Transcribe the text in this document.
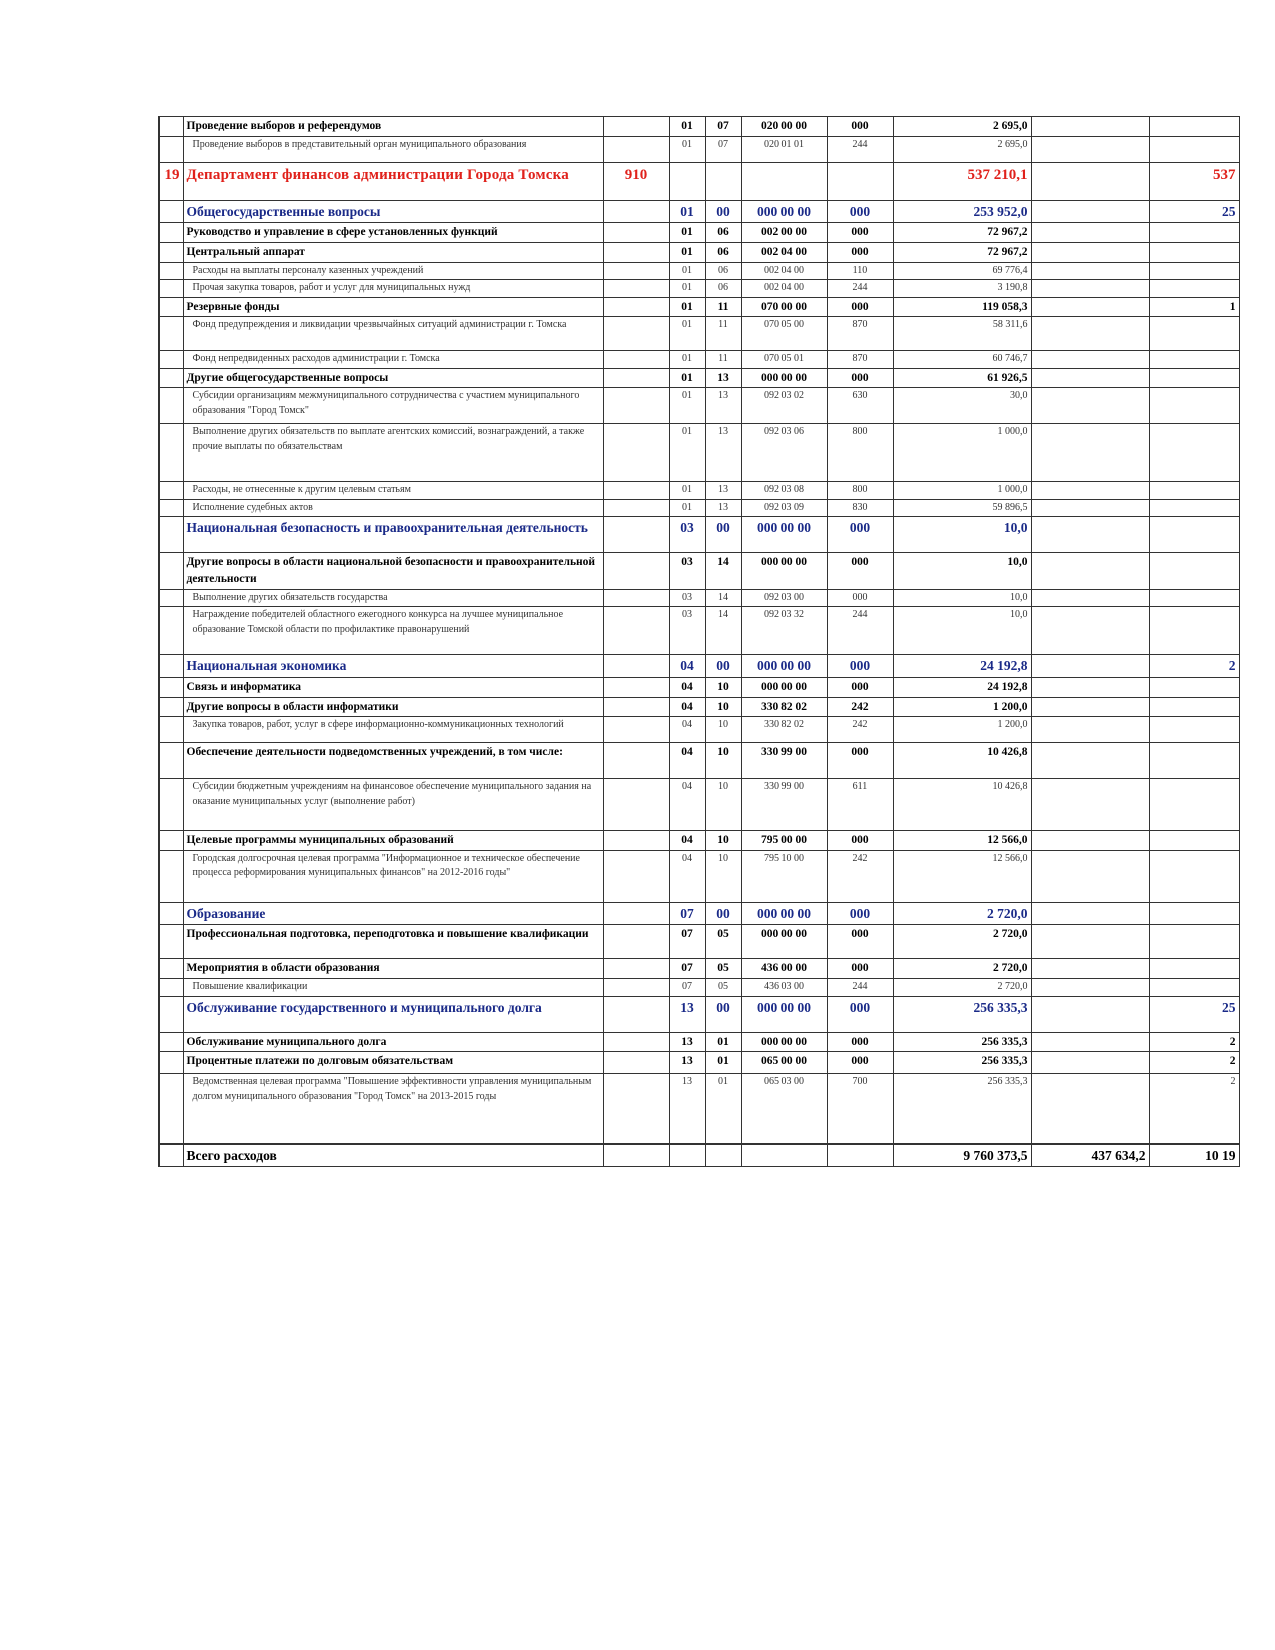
	Проведение выборов и референдумов		01	07	020 00 00	000	2 695,0		
	Проведение выборов в представительный орган муниципального образования		01	07	020 01 01	244	2 695,0		
19	Департамент финансов администрации Города Томска	910					537 210,1		537
	Общегосударственные вопросы		01	00	000 00 00	000	253 952,0		25
	Руководство и управление в сфере установленных функций		01	06	002 00 00	000	72 967,2		
	Центральный аппарат		01	06	002 04 00	000	72 967,2		
	Расходы на выплаты персоналу казенных учреждений		01	06	002 04 00	110	69 776,4		
	Прочая закупка товаров, работ и услуг для муниципальных нужд		01	06	002 04 00	244	3 190,8		
	Резервные фонды		01	11	070 00 00	000	119 058,3		1
	Фонд предупреждения и ликвидации чрезвычайных ситуаций администрации г. Томска		01	11	070 05 00	870	58 311,6		
	Фонд непредвиденных расходов администрации г. Томска		01	11	070 05 01	870	60 746,7		
	Другие общегосударственные вопросы		01	13	000 00 00	000	61 926,5		
	Субсидии организациям межмуниципального сотрудничества с участием муниципального образования "Город Томск"		01	13	092 03 02	630	30,0		
	Выполнение других обязательств по выплате агентских комиссий, вознаграждений, а также прочие выплаты по обязательствам		01	13	092 03 06	800	1 000,0		
	Расходы, не отнесенные к другим целевым статьям		01	13	092 03 08	800	1 000,0		
	Исполнение судебных актов		01	13	092 03 09	830	59 896,5		
	Национальная безопасность и правоохранительная деятельность		03	00	000 00 00	000	10,0		
	Другие вопросы в области национальной безопасности и правоохранительной деятельности		03	14	000 00 00	000	10,0		
	Выполнение других обязательств государства		03	14	092 03 00	000	10,0		
	Награждение победителей областного ежегодного конкурса на лучшее муниципальное образование Томской области по профилактике правонарушений		03	14	092 03 32	244	10,0		
	Национальная экономика		04	00	000 00 00	000	24 192,8		2
	Связь и информатика		04	10	000 00 00	000	24 192,8		
	Другие вопросы в области информатики		04	10	330 82 02	242	1 200,0		
	Закупка товаров, работ, услуг в сфере информационно-коммуникационных технологий		04	10	330 82 02	242	1 200,0		
	Обеспечение деятельности подведомственных учреждений, в том числе:		04	10	330 99 00	000	10 426,8		
	Субсидии бюджетным учреждениям на финансовое обеспечение муниципального задания на оказание муниципальных услуг (выполнение работ)		04	10	330 99 00	611	10 426,8		
	Целевые программы муниципальных образований		04	10	795 00 00	000	12 566,0		
	Городская долгосрочная целевая программа "Информационное и техническое обеспечение процесса реформирования муниципальных финансов" на 2012-2016 годы"		04	10	795 10 00	242	12 566,0		
	Образование		07	00	000 00 00	000	2 720,0		
	Профессиональная подготовка, переподготовка и повышение квалификации		07	05	000 00 00	000	2 720,0		
	Мероприятия в области образования		07	05	436 00 00	000	2 720,0		
	Повышение квалификации		07	05	436 03 00	244	2 720,0		
	Обслуживание государственного и муниципального долга		13	00	000 00 00	000	256 335,3		25
	Обслуживание муниципального долга		13	01	000 00 00	000	256 335,3		2
	Процентные платежи по долговым обязательствам		13	01	065 00 00	000	256 335,3		2
	Ведомственная целевая программа "Повышение эффективности управления муниципальным долгом муниципального образования "Город Томск" на 2013-2015 годы		13	01	065 03 00	700	256 335,3		2
	Всего расходов						9 760 373,5	437 634,2	10 19
